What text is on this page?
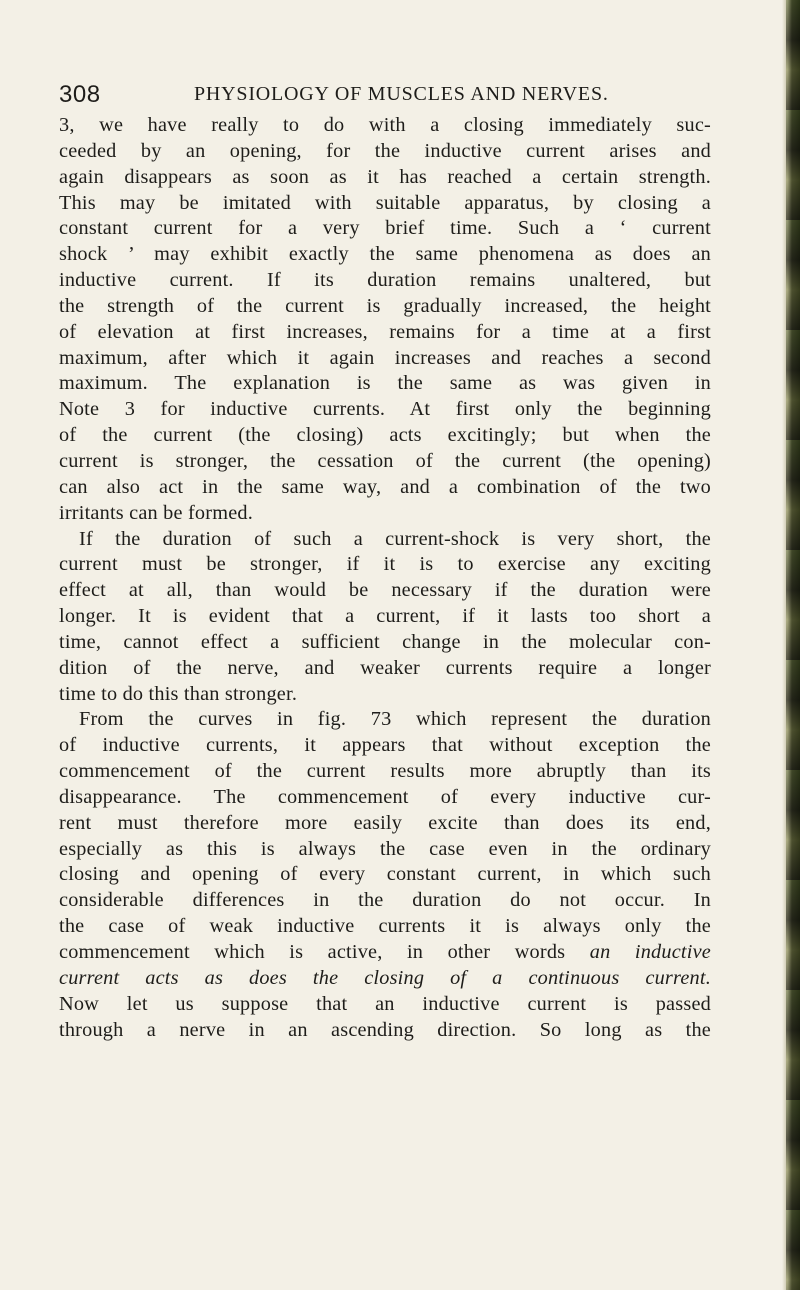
308	PHYSIOLOGY OF MUSCLES AND NERVES.
3, we have really to do with a closing immediately suc-
ceeded by an opening, for the inductive current arises and
again disappears as soon as it has reached a certain strength.
This may be imitated with suitable apparatus, by closing a
constant current for a very brief time. Such a ‘ current
shock ’ may exhibit exactly the same phenomena as does an
inductive current. If its duration remains unaltered, but
the strength of the current is gradually increased, the height
of elevation at first increases, remains for a time at a first
maximum, after which it again increases and reaches a second
maximum. The explanation is the same as was given in
Note 3 for inductive currents. At first only the beginning
of the current (the closing) acts excitingly; but when the
current is stronger, the cessation of the current (the opening)
can also act in the same way, and a combination of the two
irritants can be formed.
If the duration of such a current-shock is very short, the
current must be stronger, if it is to exercise any exciting
effect at all, than would be necessary if the duration were
longer. It is evident that a current, if it lasts too short a
time, cannot effect a sufficient change in the molecular con-
dition of the nerve, and weaker currents require a longer
time to do this than stronger.
From the curves in fig. 73 which represent the duration
of inductive currents, it appears that without exception the
commencement of the current results more abruptly than its
disappearance. The commencement of every inductive cur-
rent must therefore more easily excite than does its end,
especially as this is always the case even in the ordinary
closing and opening of every constant current, in which such
considerable differences in the duration do not occur. In
the case of weak inductive currents it is always only the
commencement which is active, in other words an inductive
current acts as does the closing of a continuous current.
Now let us suppose that an inductive current is passed
through a nerve in an ascending direction. So long as the
